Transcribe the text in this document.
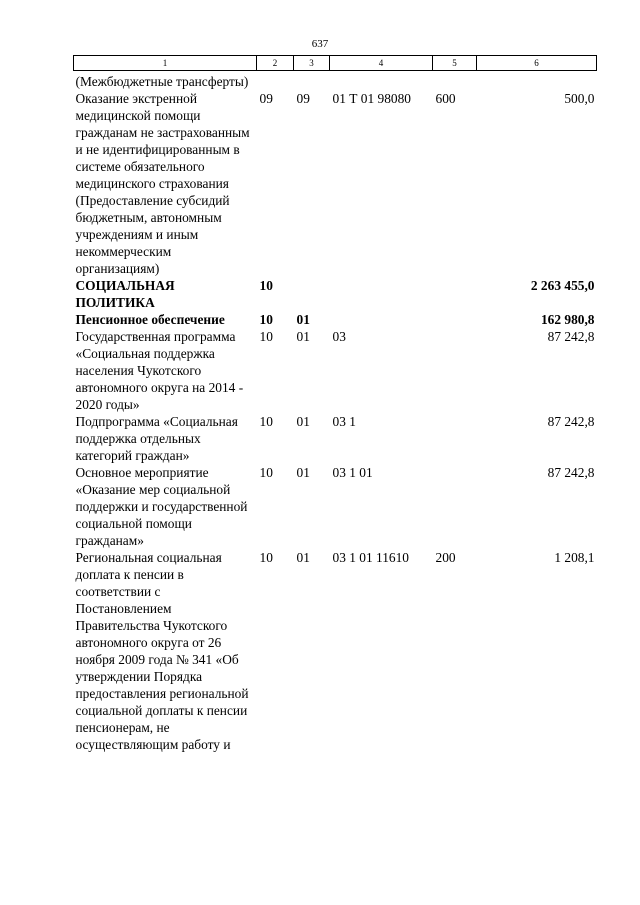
637
1	2	3	4	5	6
(Межбюджетные трансферты)					
Оказание экстренной медицинской помощи гражданам не застрахованным и не идентифицированным в системе обязательного медицинского страхования (Предоставление субсидий бюджетным, автономным учреждениям и иным некоммерческим организациям)	09	09	01 Т 01 98080	600	500,0
СОЦИАЛЬНАЯ ПОЛИТИКА	10				2 263 455,0
Пенсионное обеспечение	10	01			162 980,8
Государственная программа «Социальная поддержка населения Чукотского автономного округа на 2014 - 2020 годы»	10	01	03		87 242,8
Подпрограмма «Социальная поддержка отдельных категорий граждан»	10	01	03 1		87 242,8
Основное мероприятие «Оказание мер социальной поддержки и государственной социальной помощи гражданам»	10	01	03 1 01		87 242,8
Региональная социальная доплата к пенсии в соответствии с Постановлением Правительства Чукотского автономного округа от 26 ноября 2009 года № 341 «Об утверждении Порядка предоставления региональной социальной доплаты к пенсии пенсионерам, не осуществляющим работу и	10	01	03 1 01 11610	200	1 208,1
